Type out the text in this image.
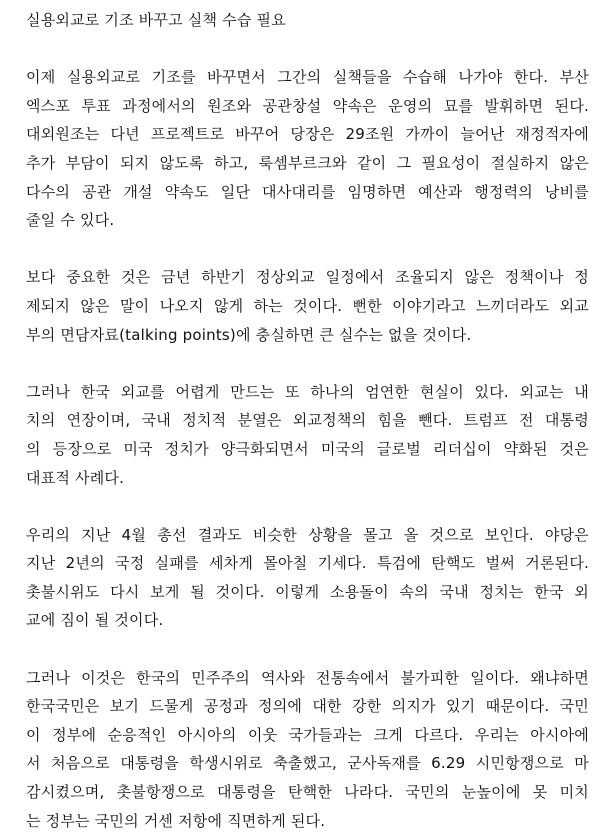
실용외교로 기조 바꾸고 실책 수습 필요
이제 실용외교로 기조를 바꾸면서 그간의 실책들을 수습해 나가야 한다. 부산
엑스포 투표 과정에서의 원조와 공관창설 약속은 운영의 묘를 발휘하면 된다.
대외원조는 다년 프로젝트로 바꾸어 당장은 29조원 가까이 늘어난 재정적자에
추가 부담이 되지 않도록 하고, 룩셈부르크와 같이 그 필요성이 절실하지 않은
다수의 공관 개설 약속도 일단 대사대리를 임명하면 예산과 행정력의 낭비를
줄일 수 있다.
보다 중요한 것은 금년 하반기 정상외교 일정에서 조율되지 않은 정책이나 정
제되지 않은 말이 나오지 않게 하는 것이다. 뻔한 이야기라고 느끼더라도 외교
부의 면담자료(talking points)에 충실하면 큰 실수는 없을 것이다.
그러나 한국 외교를 어렵게 만드는 또 하나의 엄연한 현실이 있다. 외교는 내
치의 연장이며, 국내 정치적 분열은 외교정책의 힘을 뺀다. 트럼프 전 대통령
의 등장으로 미국 정치가 양극화되면서 미국의 글로벌 리더십이 약화된 것은
대표적 사례다.
우리의 지난 4월 총선 결과도 비슷한 상황을 몰고 올 것으로 보인다. 야당은
지난 2년의 국정 실패를 세차게 몰아칠 기세다. 특검에 탄핵도 벌써 거론된다.
촛불시위도 다시 보게 될 것이다. 이렇게 소용돌이 속의 국내 정치는 한국 외
교에 짐이 될 것이다.
그러나 이것은 한국의 민주주의 역사와 전통속에서 불가피한 일이다. 왜냐하면
한국국민은 보기 드물게 공정과 정의에 대한 강한 의지가 있기 때문이다. 국민
이 정부에 순응적인 아시아의 이웃 국가들과는 크게 다르다. 우리는 아시아에
서 처음으로 대통령을 학생시위로 축출했고, 군사독재를 6.29 시민항쟁으로 마
감시켰으며, 촛불항쟁으로 대통령을 탄핵한 나라다. 국민의 눈높이에 못 미치
는 정부는 국민의 거센 저항에 직면하게 된다.
